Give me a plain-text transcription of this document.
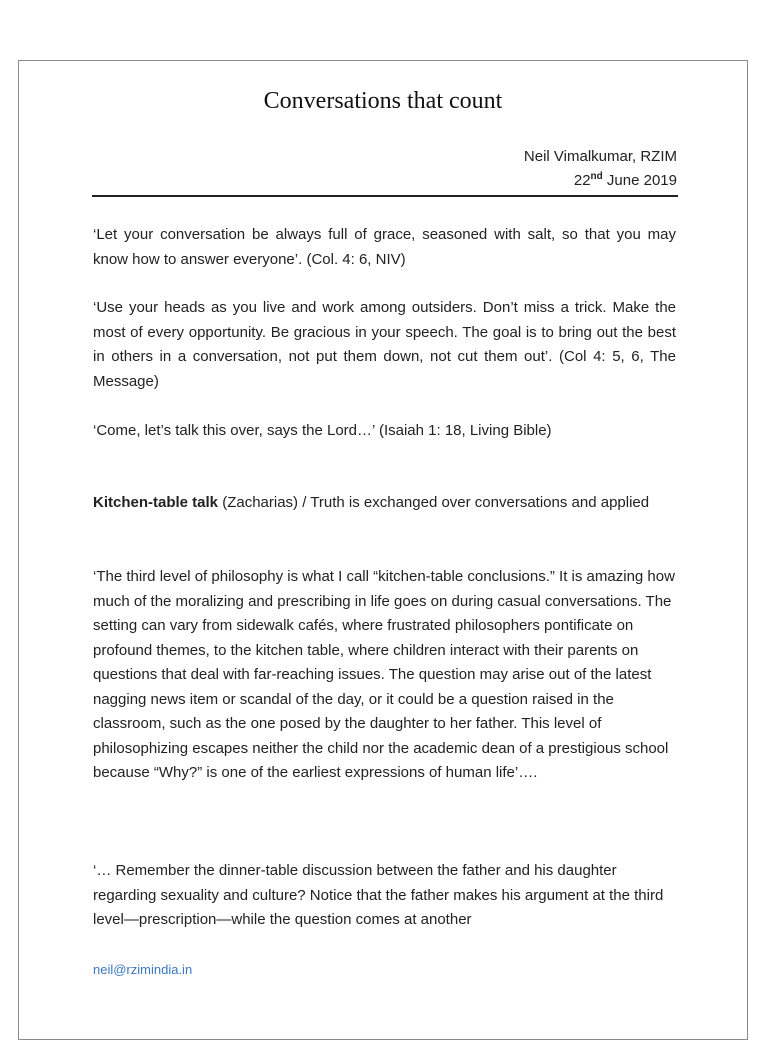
Conversations that count
Neil Vimalkumar, RZIM
22nd June 2019
‘Let your conversation be always full of grace, seasoned with salt, so that you may know how to answer everyone’. (Col. 4: 6, NIV)
‘Use your heads as you live and work among outsiders. Don’t miss a trick. Make the most of every opportunity. Be gracious in your speech. The goal is to bring out the best in others in a conversation, not put them down, not cut them out’. (Col 4: 5, 6, The Message)
‘Come, let’s talk this over, says the Lord…’ (Isaiah 1: 18, Living Bible)
Kitchen-table talk (Zacharias) / Truth is exchanged over conversations and applied
‘The third level of philosophy is what I call “kitchen-table conclusions.” It is amazing how much of the moralizing and prescribing in life goes on during casual conversations. The setting can vary from sidewalk cafés, where frustrated philosophers pontificate on profound themes, to the kitchen table, where children interact with their parents on questions that deal with far-reaching issues. The question may arise out of the latest nagging news item or scandal of the day, or it could be a question raised in the classroom, such as the one posed by the daughter to her father. This level of philosophizing escapes neither the child nor the academic dean of a prestigious school because “Why?” is one of the earliest expressions of human life’….
‘… Remember the dinner-table discussion between the father and his daughter regarding sexuality and culture? Notice that the father makes his argument at the third level—prescription—while the question comes at another
neil@rzimindia.in
